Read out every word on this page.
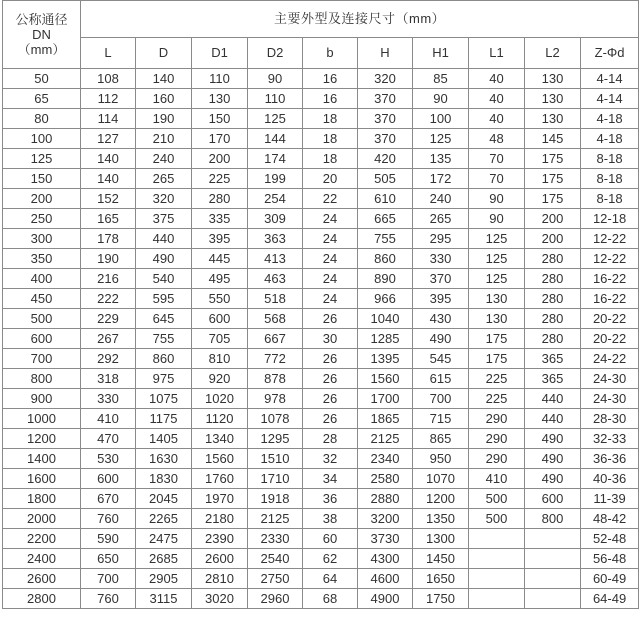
公称通径
DN
（mm）	主要外型及连接尺寸（mm）									
	L	D	D1	D2	b	H	H1	L1	L2	Z-Φd
50	108	140	110	90	16	320	85	40	130	4-14
65	112	160	130	110	16	370	90	40	130	4-14
80	114	190	150	125	18	370	100	40	130	4-18
100	127	210	170	144	18	370	125	48	145	4-18
125	140	240	200	174	18	420	135	70	175	8-18
150	140	265	225	199	20	505	172	70	175	8-18
200	152	320	280	254	22	610	240	90	175	8-18
250	165	375	335	309	24	665	265	90	200	12-18
300	178	440	395	363	24	755	295	125	200	12-22
350	190	490	445	413	24	860	330	125	280	12-22
400	216	540	495	463	24	890	370	125	280	16-22
450	222	595	550	518	24	966	395	130	280	16-22
500	229	645	600	568	26	1040	430	130	280	20-22
600	267	755	705	667	30	1285	490	175	280	20-22
700	292	860	810	772	26	1395	545	175	365	24-22
800	318	975	920	878	26	1560	615	225	365	24-30
900	330	1075	1020	978	26	1700	700	225	440	24-30
1000	410	1175	1120	1078	26	1865	715	290	440	28-30
1200	470	1405	1340	1295	28	2125	865	290	490	32-33
1400	530	1630	1560	1510	32	2340	950	290	490	36-36
1600	600	1830	1760	1710	34	2580	1070	410	490	40-36
1800	670	2045	1970	1918	36	2880	1200	500	600	11-39
2000	760	2265	2180	2125	38	3200	1350	500	800	48-42
2200	590	2475	2390	2330	60	3730	1300			52-48
2400	650	2685	2600	2540	62	4300	1450			56-48
2600	700	2905	2810	2750	64	4600	1650			60-49
2800	760	3115	3020	2960	68	4900	1750			64-49
